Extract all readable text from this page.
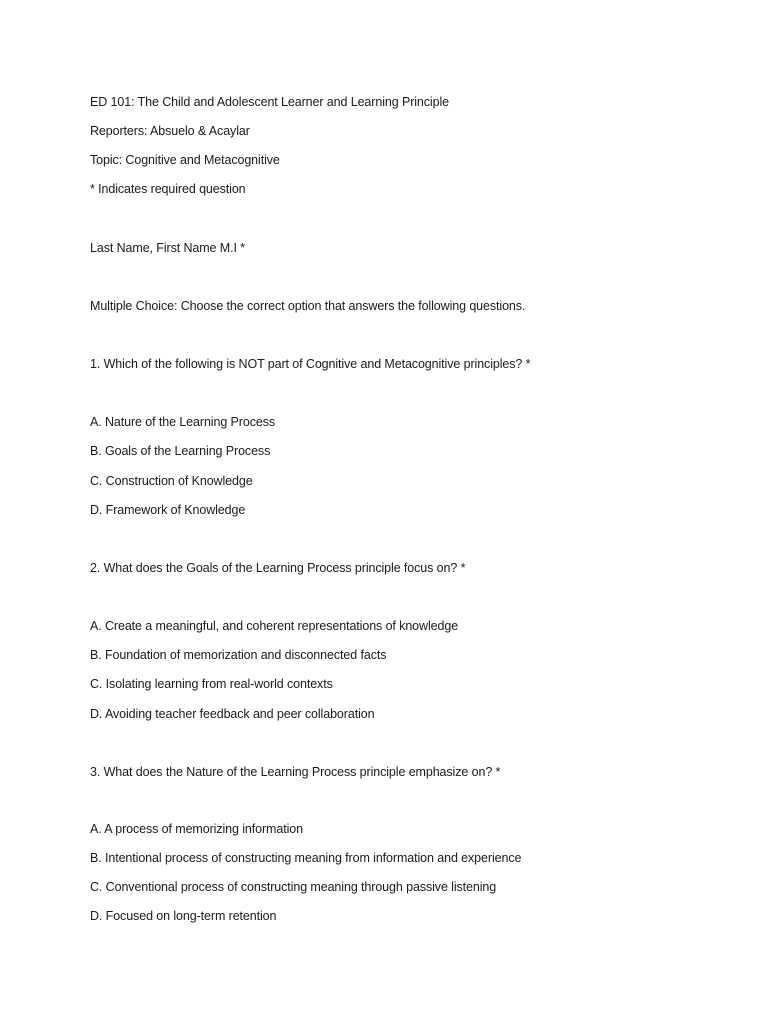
ED 101: The Child and Adolescent Learner and Learning Principle
Reporters: Absuelo & Acaylar
Topic: Cognitive and Metacognitive
* Indicates required question
Last Name, First Name M.I *
Multiple Choice: Choose the correct option that answers the following questions.
1. Which of the following is NOT part of Cognitive and Metacognitive principles? *
A. Nature of the Learning Process
B. Goals of the Learning Process
C. Construction of Knowledge
D. Framework of Knowledge
2. What does the Goals of the Learning Process principle focus on? *
A. Create a meaningful, and coherent representations of knowledge
B. Foundation of memorization and disconnected facts
C. Isolating learning from real-world contexts
D. Avoiding teacher feedback and peer collaboration
3. What does the Nature of the Learning Process principle emphasize on? *
A. A process of memorizing information
B. Intentional process of constructing meaning from information and experience
C. Conventional process of constructing meaning through passive listening
D. Focused on long-term retention
